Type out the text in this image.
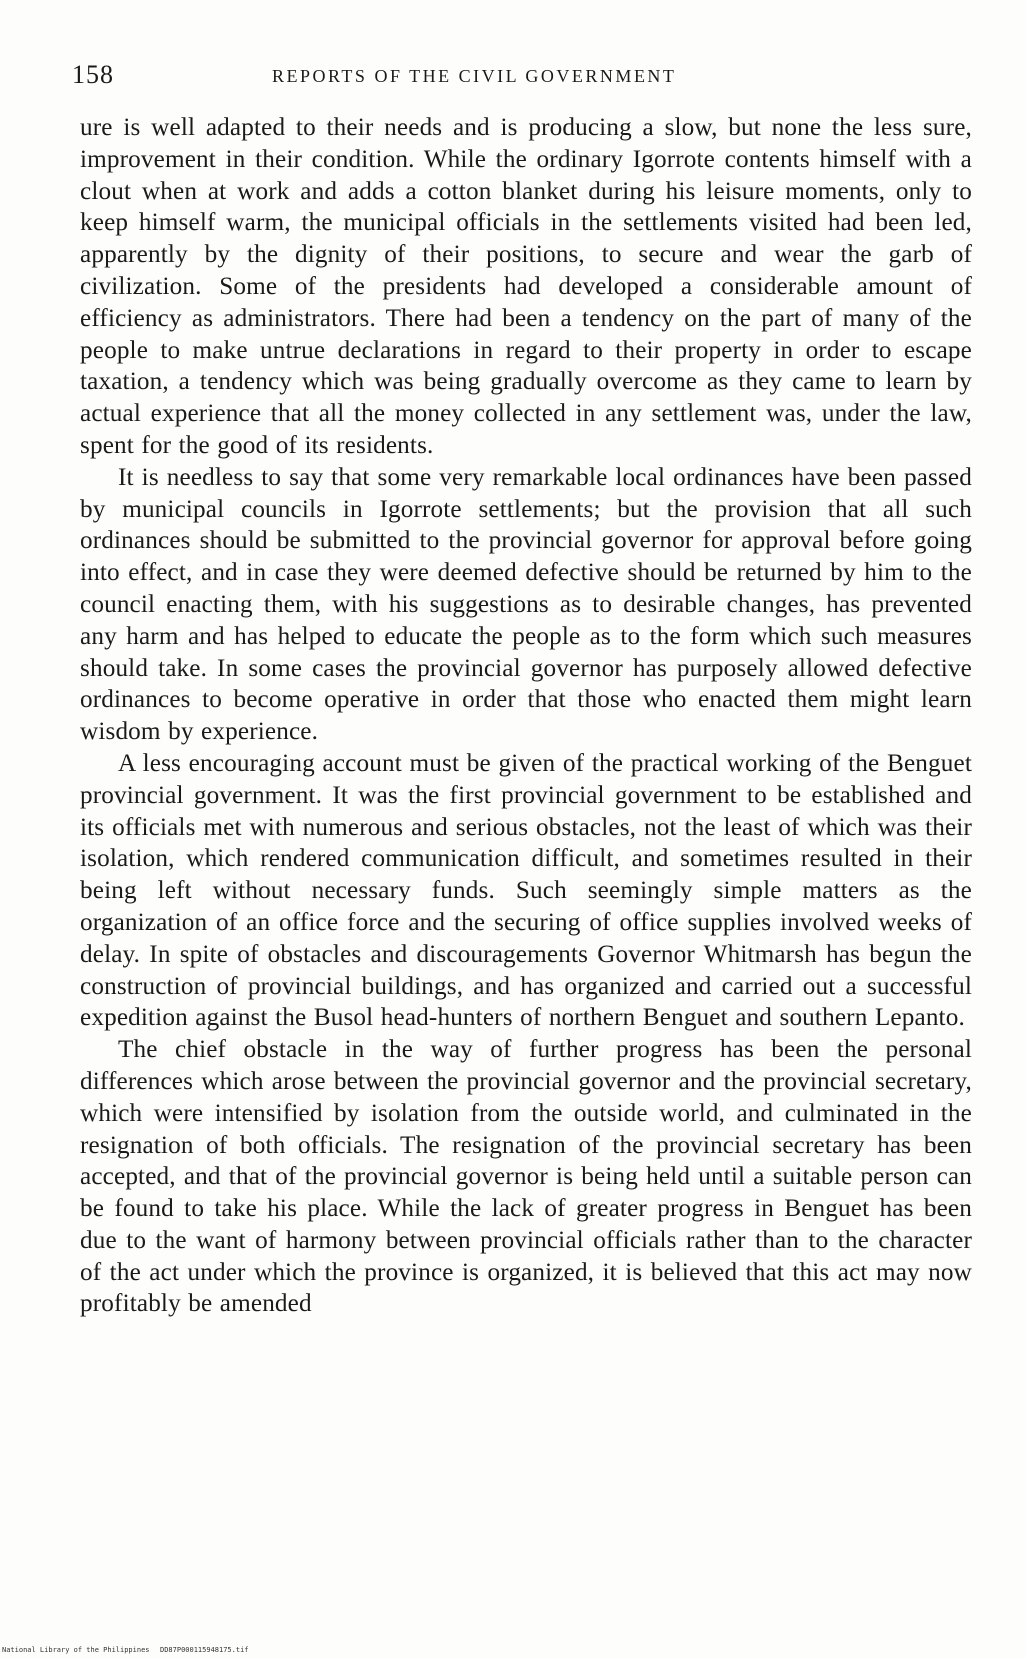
158	REPORTS OF THE CIVIL GOVERNMENT

ure is well adapted to their needs and is producing a slow, but none the less sure, improvement in their condition. While the ordinary Igorrote contents himself with a clout when at work and adds a cotton blanket during his leisure moments, only to keep himself warm, the municipal officials in the settlements visited had been led, apparently by the dignity of their positions, to secure and wear the garb of civilization. Some of the presidents had developed a considerable amount of efficiency as administrators. There had been a tendency on the part of many of the people to make untrue declarations in regard to their property in order to escape taxation, a tendency which was being gradually overcome as they came to learn by actual experience that all the money collected in any settlement was, under the law, spent for the good of its residents.

It is needless to say that some very remarkable local ordinances have been passed by municipal councils in Igorrote settlements; but the provision that all such ordinances should be submitted to the provincial governor for approval before going into effect, and in case they were deemed defective should be returned by him to the council enacting them, with his suggestions as to desirable changes, has prevented any harm and has helped to educate the people as to the form which such measures should take. In some cases the provincial governor has purposely allowed defective ordinances to become operative in order that those who enacted them might learn wisdom by experience.

A less encouraging account must be given of the practical working of the Benguet provincial government. It was the first provincial government to be established and its officials met with numerous and serious obstacles, not the least of which was their isolation, which rendered communication difficult, and sometimes resulted in their being left without necessary funds. Such seemingly simple matters as the organization of an office force and the securing of office supplies involved weeks of delay. In spite of obstacles and discouragements Governor Whitmarsh has begun the construction of provincial buildings, and has organized and carried out a successful expedition against the Busol head-hunters of northern Benguet and southern Lepanto.

The chief obstacle in the way of further progress has been the personal differences which arose between the provincial governor and the provincial secretary, which were intensified by isolation from the outside world, and culminated in the resignation of both officials. The resignation of the provincial secretary has been accepted, and that of the provincial governor is being held until a suitable person can be found to take his place. While the lack of greater progress in Benguet has been due to the want of harmony between provincial officials rather than to the character of the act under which the province is organized, it is believed that this act may now profitably be amended

National Library of the Philippines DD87P000115948175.tif
